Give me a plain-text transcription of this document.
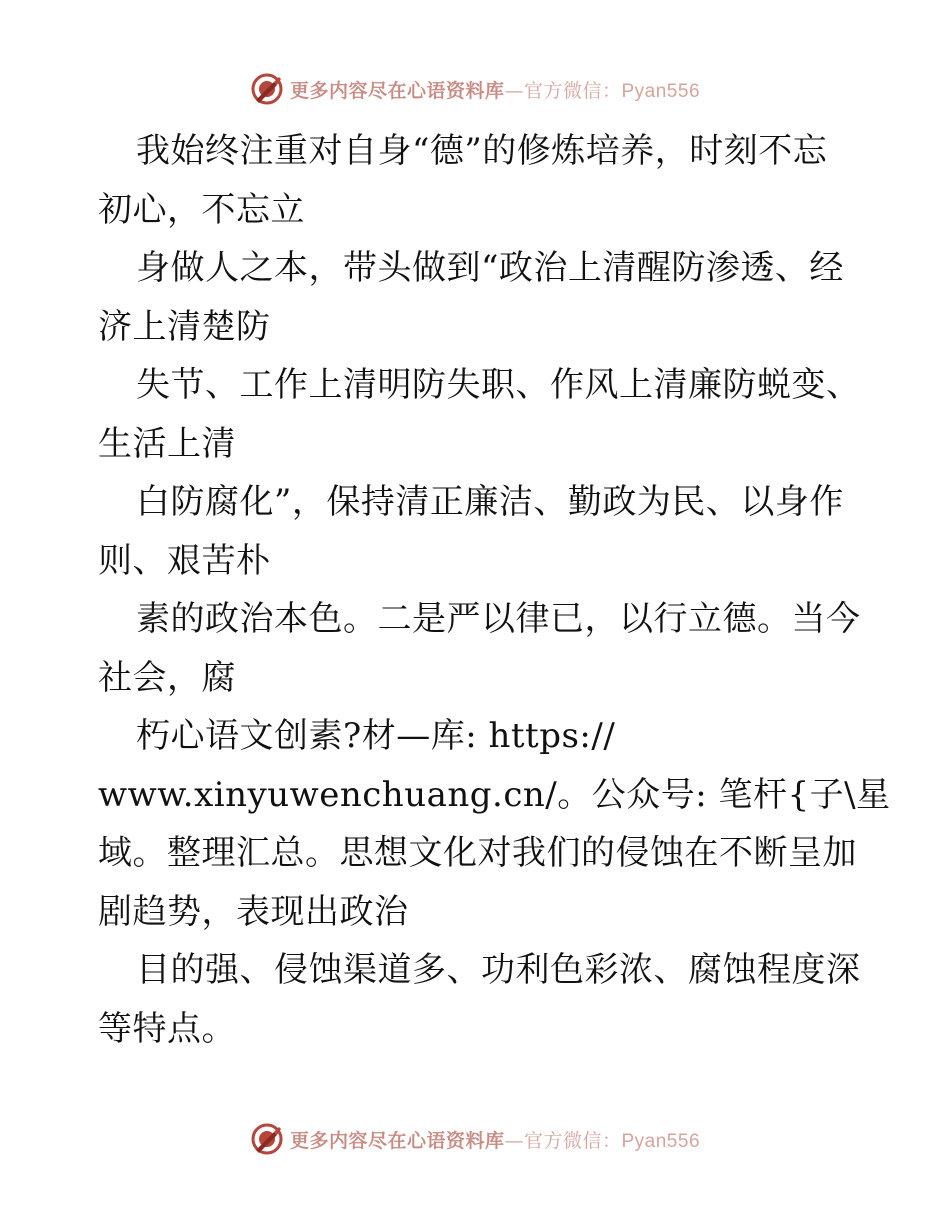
更多内容尽在心语资料库—官方微信：Pyan556
我始终注重对自身“德”的修炼培养，时刻不忘
初心，不忘立
身做人之本，带头做到“政治上清醒防渗透、经
济上清楚防
失节、工作上清明防失职、作风上清廉防蜕变、
生活上清
白防腐化”，保持清正廉洁、勤政为民、以身作
则、艰苦朴
素的政治本色。二是严以律已，以行立德。当今
社会，腐
朽心语文创素?材—库: https://
www.xinyuwenchuang.cn/。公众号: 笔杆{子\星
域。整理汇总。思想文化对我们的侵蚀在不断呈加
剧趋势，表现出政治
目的强、侵蚀渠道多、功利色彩浓、腐蚀程度深
等特点。
更多内容尽在心语资料库—官方微信：Pyan556
